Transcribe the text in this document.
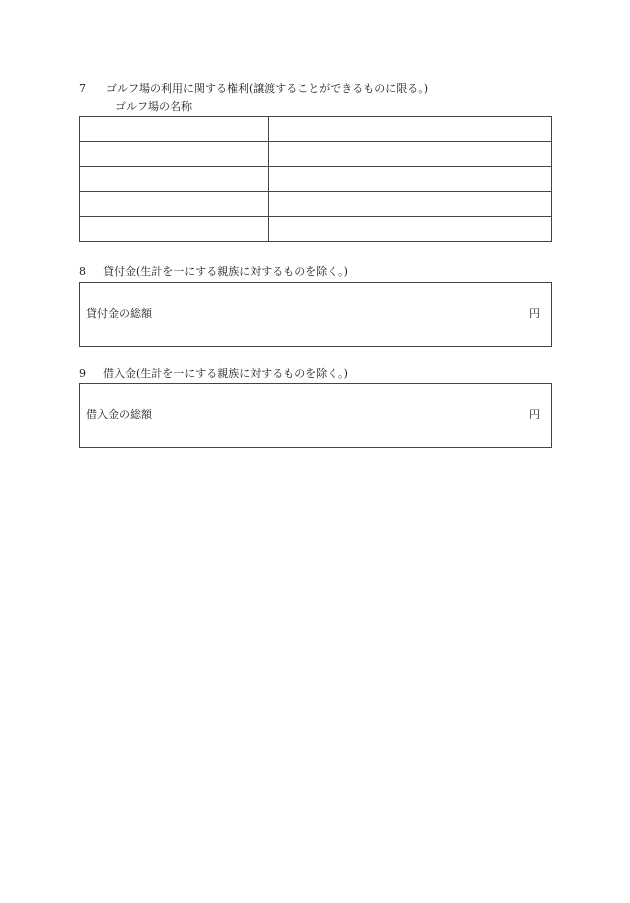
7 ゴルフ場の利用に関する権利(譲渡することができるものに限る。)
ゴルフ場の名称

8 貸付金(生計を一にする親族に対するものを除く。)
貸付金の総額	円
9 借入金(生計を一にする親族に対するものを除く。)
借入金の総額	円
